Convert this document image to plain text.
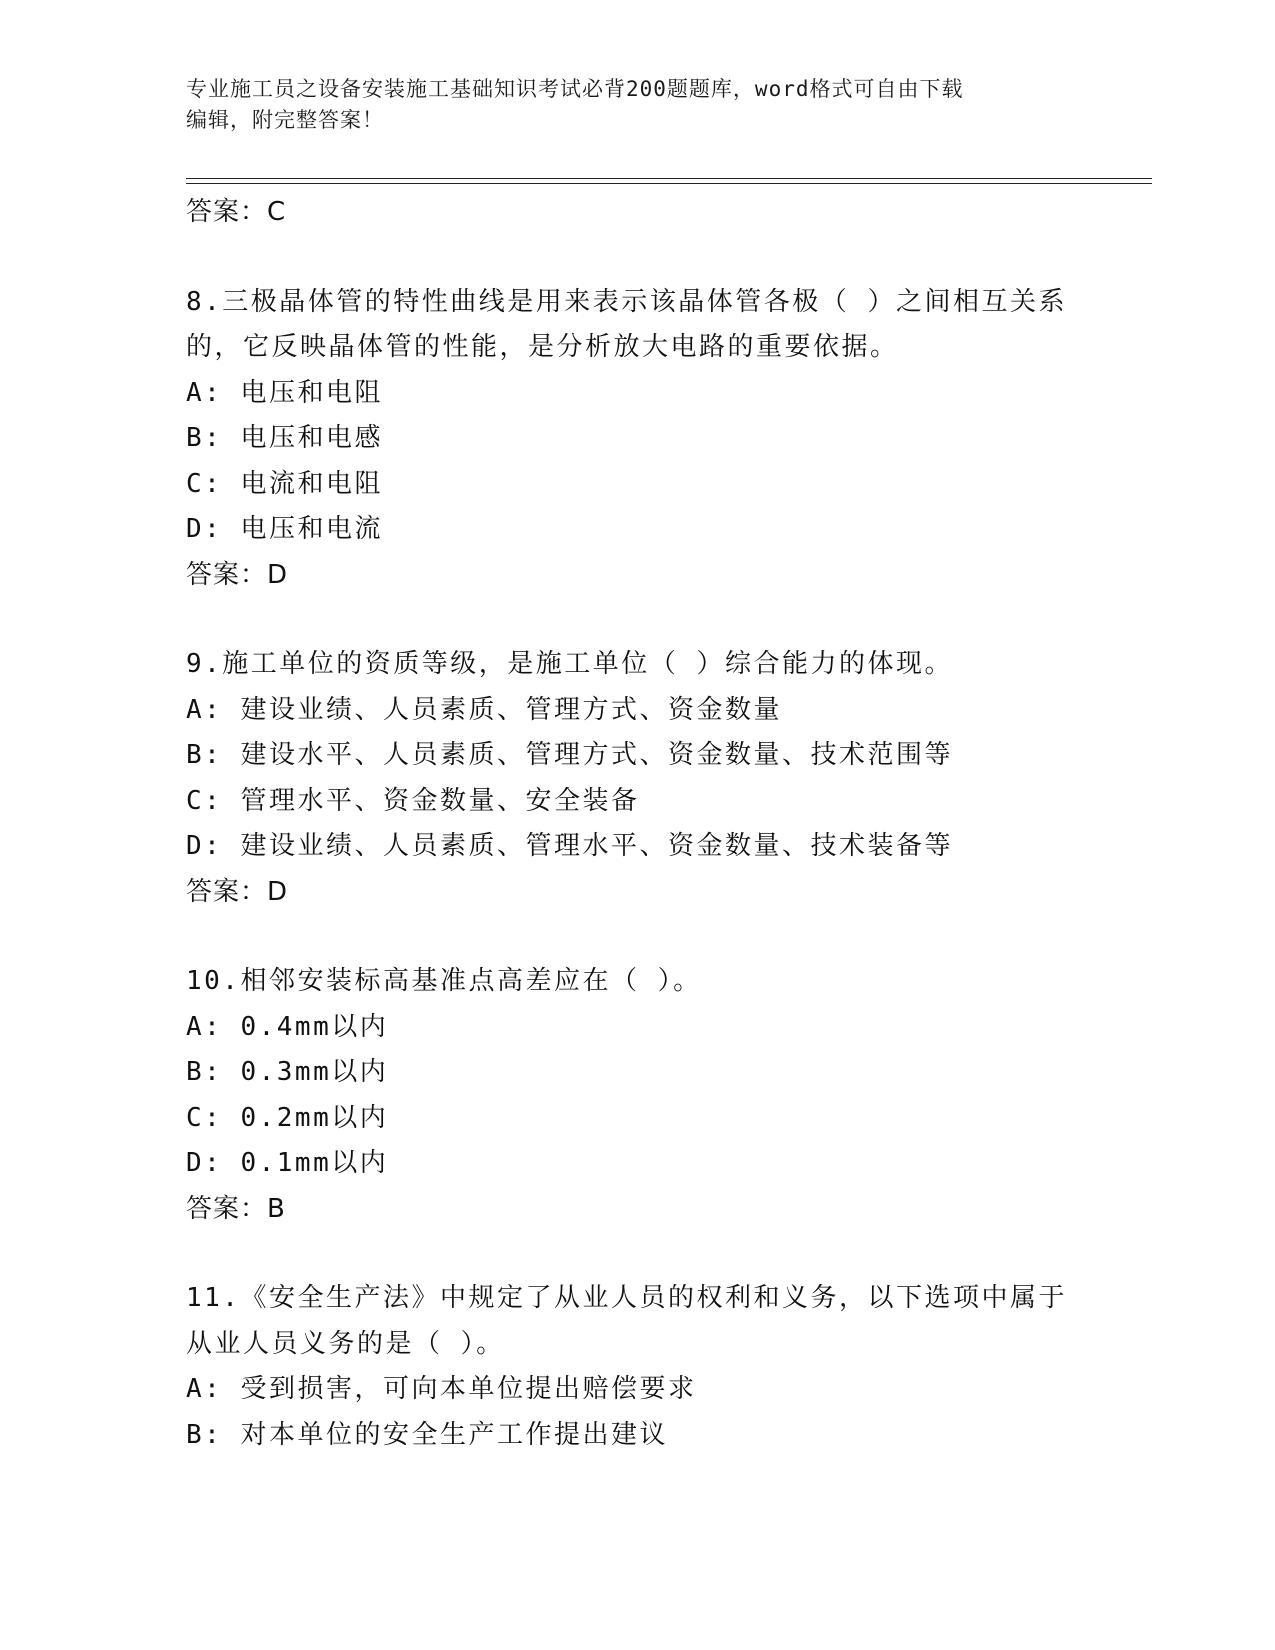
专业施工员之设备安装施工基础知识考试必背200题题库，word格式可自由下载
编辑，附完整答案！
答案：C
8.三极晶体管的特性曲线是用来表示该晶体管各极（ ）之间相互关系
的，它反映晶体管的性能，是分析放大电路的重要依据。
A: 电压和电阻
B: 电压和电感
C: 电流和电阻
D: 电压和电流
答案：D
9.施工单位的资质等级，是施工单位（ ）综合能力的体现。
A: 建设业绩、人员素质、管理方式、资金数量
B: 建设水平、人员素质、管理方式、资金数量、技术范围等
C: 管理水平、资金数量、安全装备
D: 建设业绩、人员素质、管理水平、资金数量、技术装备等
答案：D
10.相邻安装标高基准点高差应在（ ）。
A: 0.4mm以内
B: 0.3mm以内
C: 0.2mm以内
D: 0.1mm以内
答案：B
11.《安全生产法》中规定了从业人员的权利和义务，以下选项中属于
从业人员义务的是（ ）。
A: 受到损害，可向本单位提出赔偿要求
B: 对本单位的安全生产工作提出建议
